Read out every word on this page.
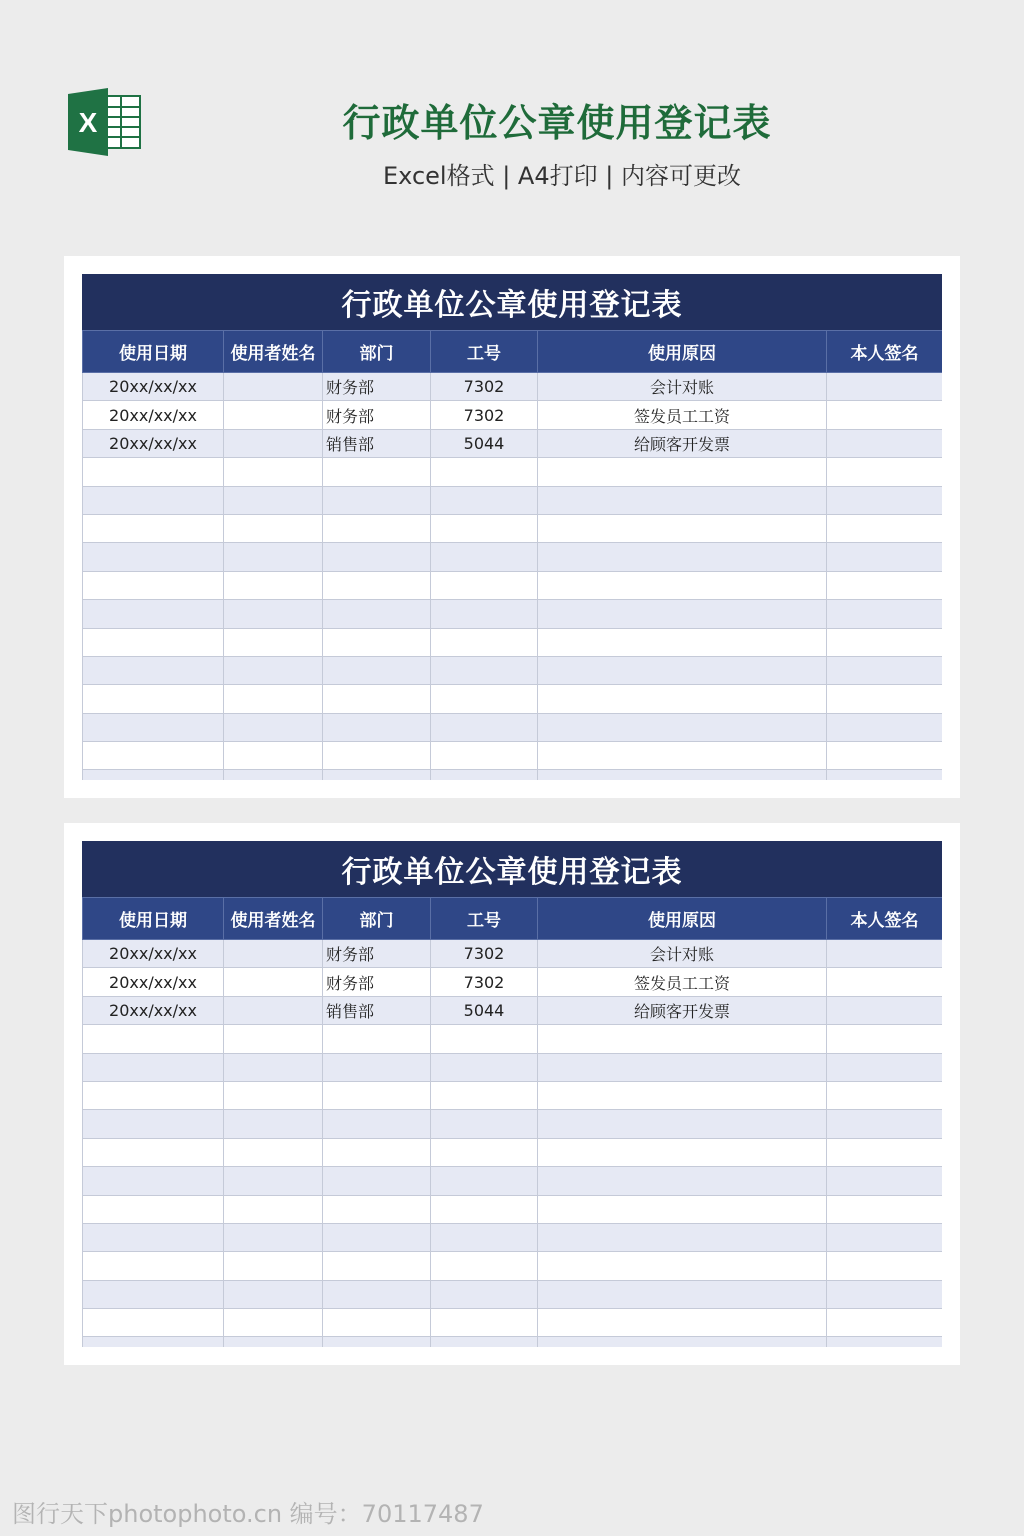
X	行政单位公章使用登记表
Excel格式 | A4打印 | 内容可更改
行政单位公章使用登记表
使用日期	使用者姓名	部门	工号	使用原因	本人签名
20xx/xx/xx		财务部	7302	会计对账	
20xx/xx/xx		财务部	7302	签发员工工资	
20xx/xx/xx		销售部	5044	给顾客开发票	

行政单位公章使用登记表
使用日期	使用者姓名	部门	工号	使用原因	本人签名
20xx/xx/xx		财务部	7302	会计对账	
20xx/xx/xx		财务部	7302	签发员工工资	
20xx/xx/xx		销售部	5044	给顾客开发票	

图行天下photophoto.cn 编号：70117487
